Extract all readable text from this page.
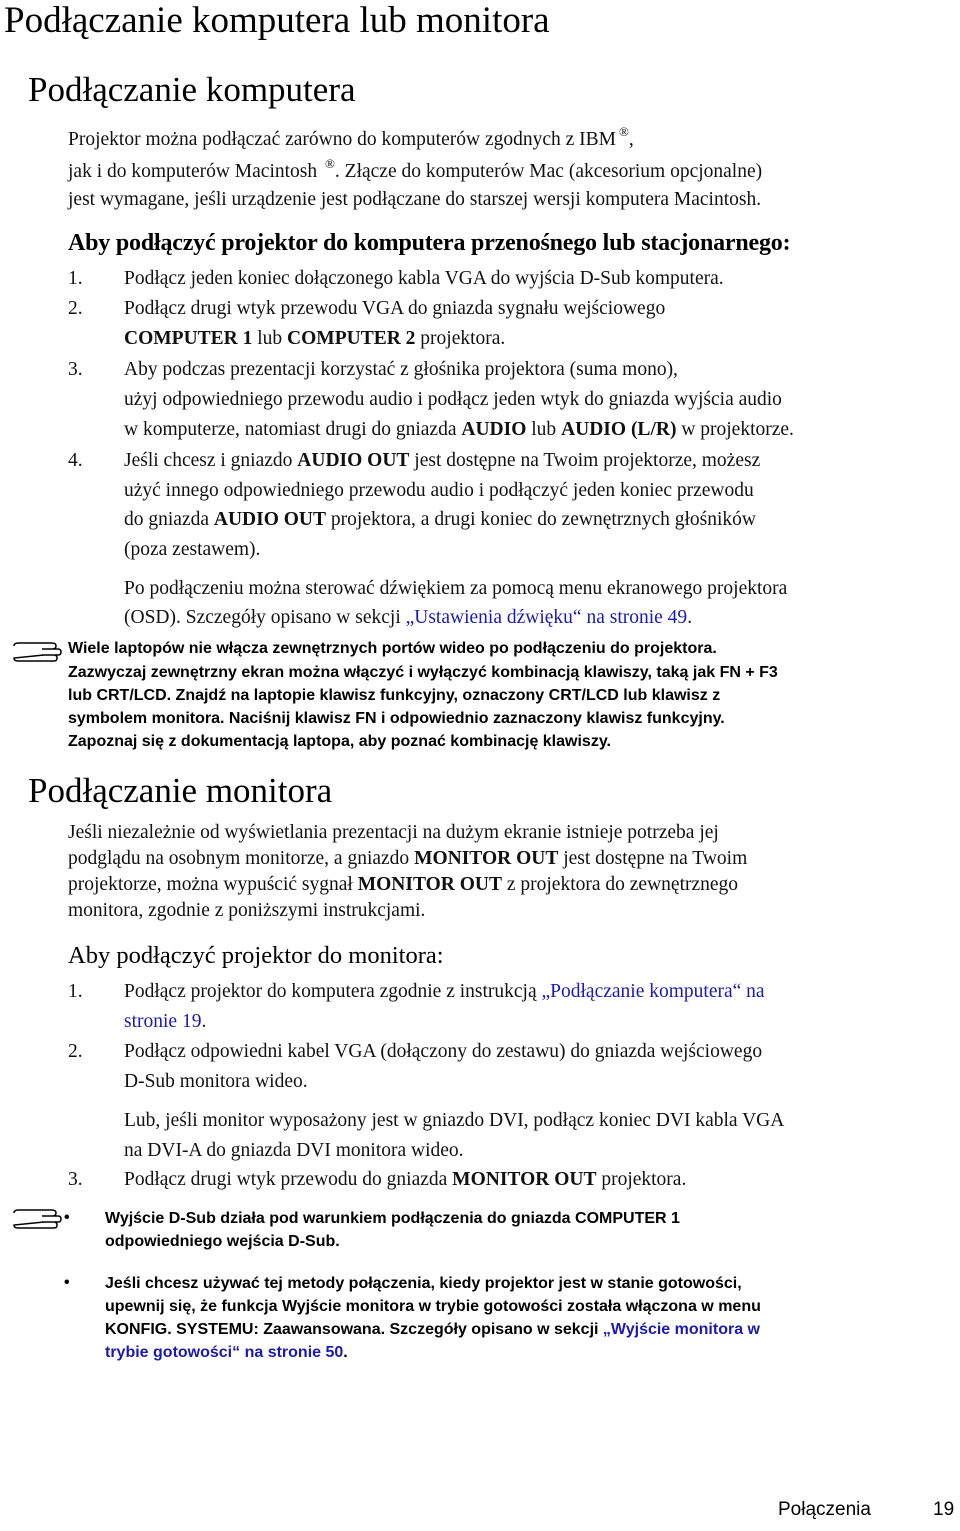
Podłączanie komputera lub monitora
Podłączanie komputera
Projektor można podłączać zarówno do komputerów zgodnych z IBM ®,
jak i do komputerów Macintosh ®. Złącze do komputerów Mac (akcesorium opcjonalne)
jest wymagane, jeśli urządzenie jest podłączane do starszej wersji komputera Macintosh.
Aby podłączyć projektor do komputera przenośnego lub stacjonarnego:
1. Podłącz jeden koniec dołączonego kabla VGA do wyjścia D-Sub komputera.
2. Podłącz drugi wtyk przewodu VGA do gniazda sygnału wejściowego
COMPUTER 1 lub COMPUTER 2 projektora.
3. Aby podczas prezentacji korzystać z głośnika projektora (suma mono),
użyj odpowiedniego przewodu audio i podłącz jeden wtyk do gniazda wyjścia audio
w komputerze, natomiast drugi do gniazda AUDIO lub AUDIO (L/R) w projektorze.
4. Jeśli chcesz i gniazdo AUDIO OUT jest dostępne na Twoim projektorze, możesz
użyć innego odpowiedniego przewodu audio i podłączyć jeden koniec przewodu
do gniazda AUDIO OUT projektora, a drugi koniec do zewnętrznych głośników
(poza zestawem).
Po podłączeniu można sterować dźwiękiem za pomocą menu ekranowego projektora
(OSD). Szczegóły opisano w sekcji „Ustawienia dźwięku“ na stronie 49.
Wiele laptopów nie włącza zewnętrznych portów wideo po podłączeniu do projektora.
Zazwyczaj zewnętrzny ekran można włączyć i wyłączyć kombinacją klawiszy, taką jak FN + F3
lub CRT/LCD. Znajdź na laptopie klawisz funkcyjny, oznaczony CRT/LCD lub klawisz z
symbolem monitora. Naciśnij klawisz FN i odpowiednio zaznaczony klawisz funkcyjny.
Zapoznaj się z dokumentacją laptopa, aby poznać kombinację klawiszy.
Podłączanie monitora
Jeśli niezależnie od wyświetlania prezentacji na dużym ekranie istnieje potrzeba jej
podglądu na osobnym monitorze, a gniazdo MONITOR OUT jest dostępne na Twoim
projektorze, można wypuścić sygnał MONITOR OUT z projektora do zewnętrznego
monitora, zgodnie z poniższymi instrukcjami.
Aby podłączyć projektor do monitora:
1. Podłącz projektor do komputera zgodnie z instrukcją „Podłączanie komputera“ na
stronie 19.
2. Podłącz odpowiedni kabel VGA (dołączony do zestawu) do gniazda wejściowego
D-Sub monitora wideo.
Lub, jeśli monitor wyposażony jest w gniazdo DVI, podłącz koniec DVI kabla VGA
na DVI-A do gniazda DVI monitora wideo.
3. Podłącz drugi wtyk przewodu do gniazda MONITOR OUT projektora.
• Wyjście D-Sub działa pod warunkiem podłączenia do gniazda COMPUTER 1
odpowiedniego wejścia D-Sub.
• Jeśli chcesz używać tej metody połączenia, kiedy projektor jest w stanie gotowości,
upewnij się, że funkcja Wyjście monitora w trybie gotowości została włączona w menu
KONFIG. SYSTEMU: Zaawansowana. Szczegóły opisano w sekcji „Wyjście monitora w
trybie gotowości“ na stronie 50.
Połączenia	19
